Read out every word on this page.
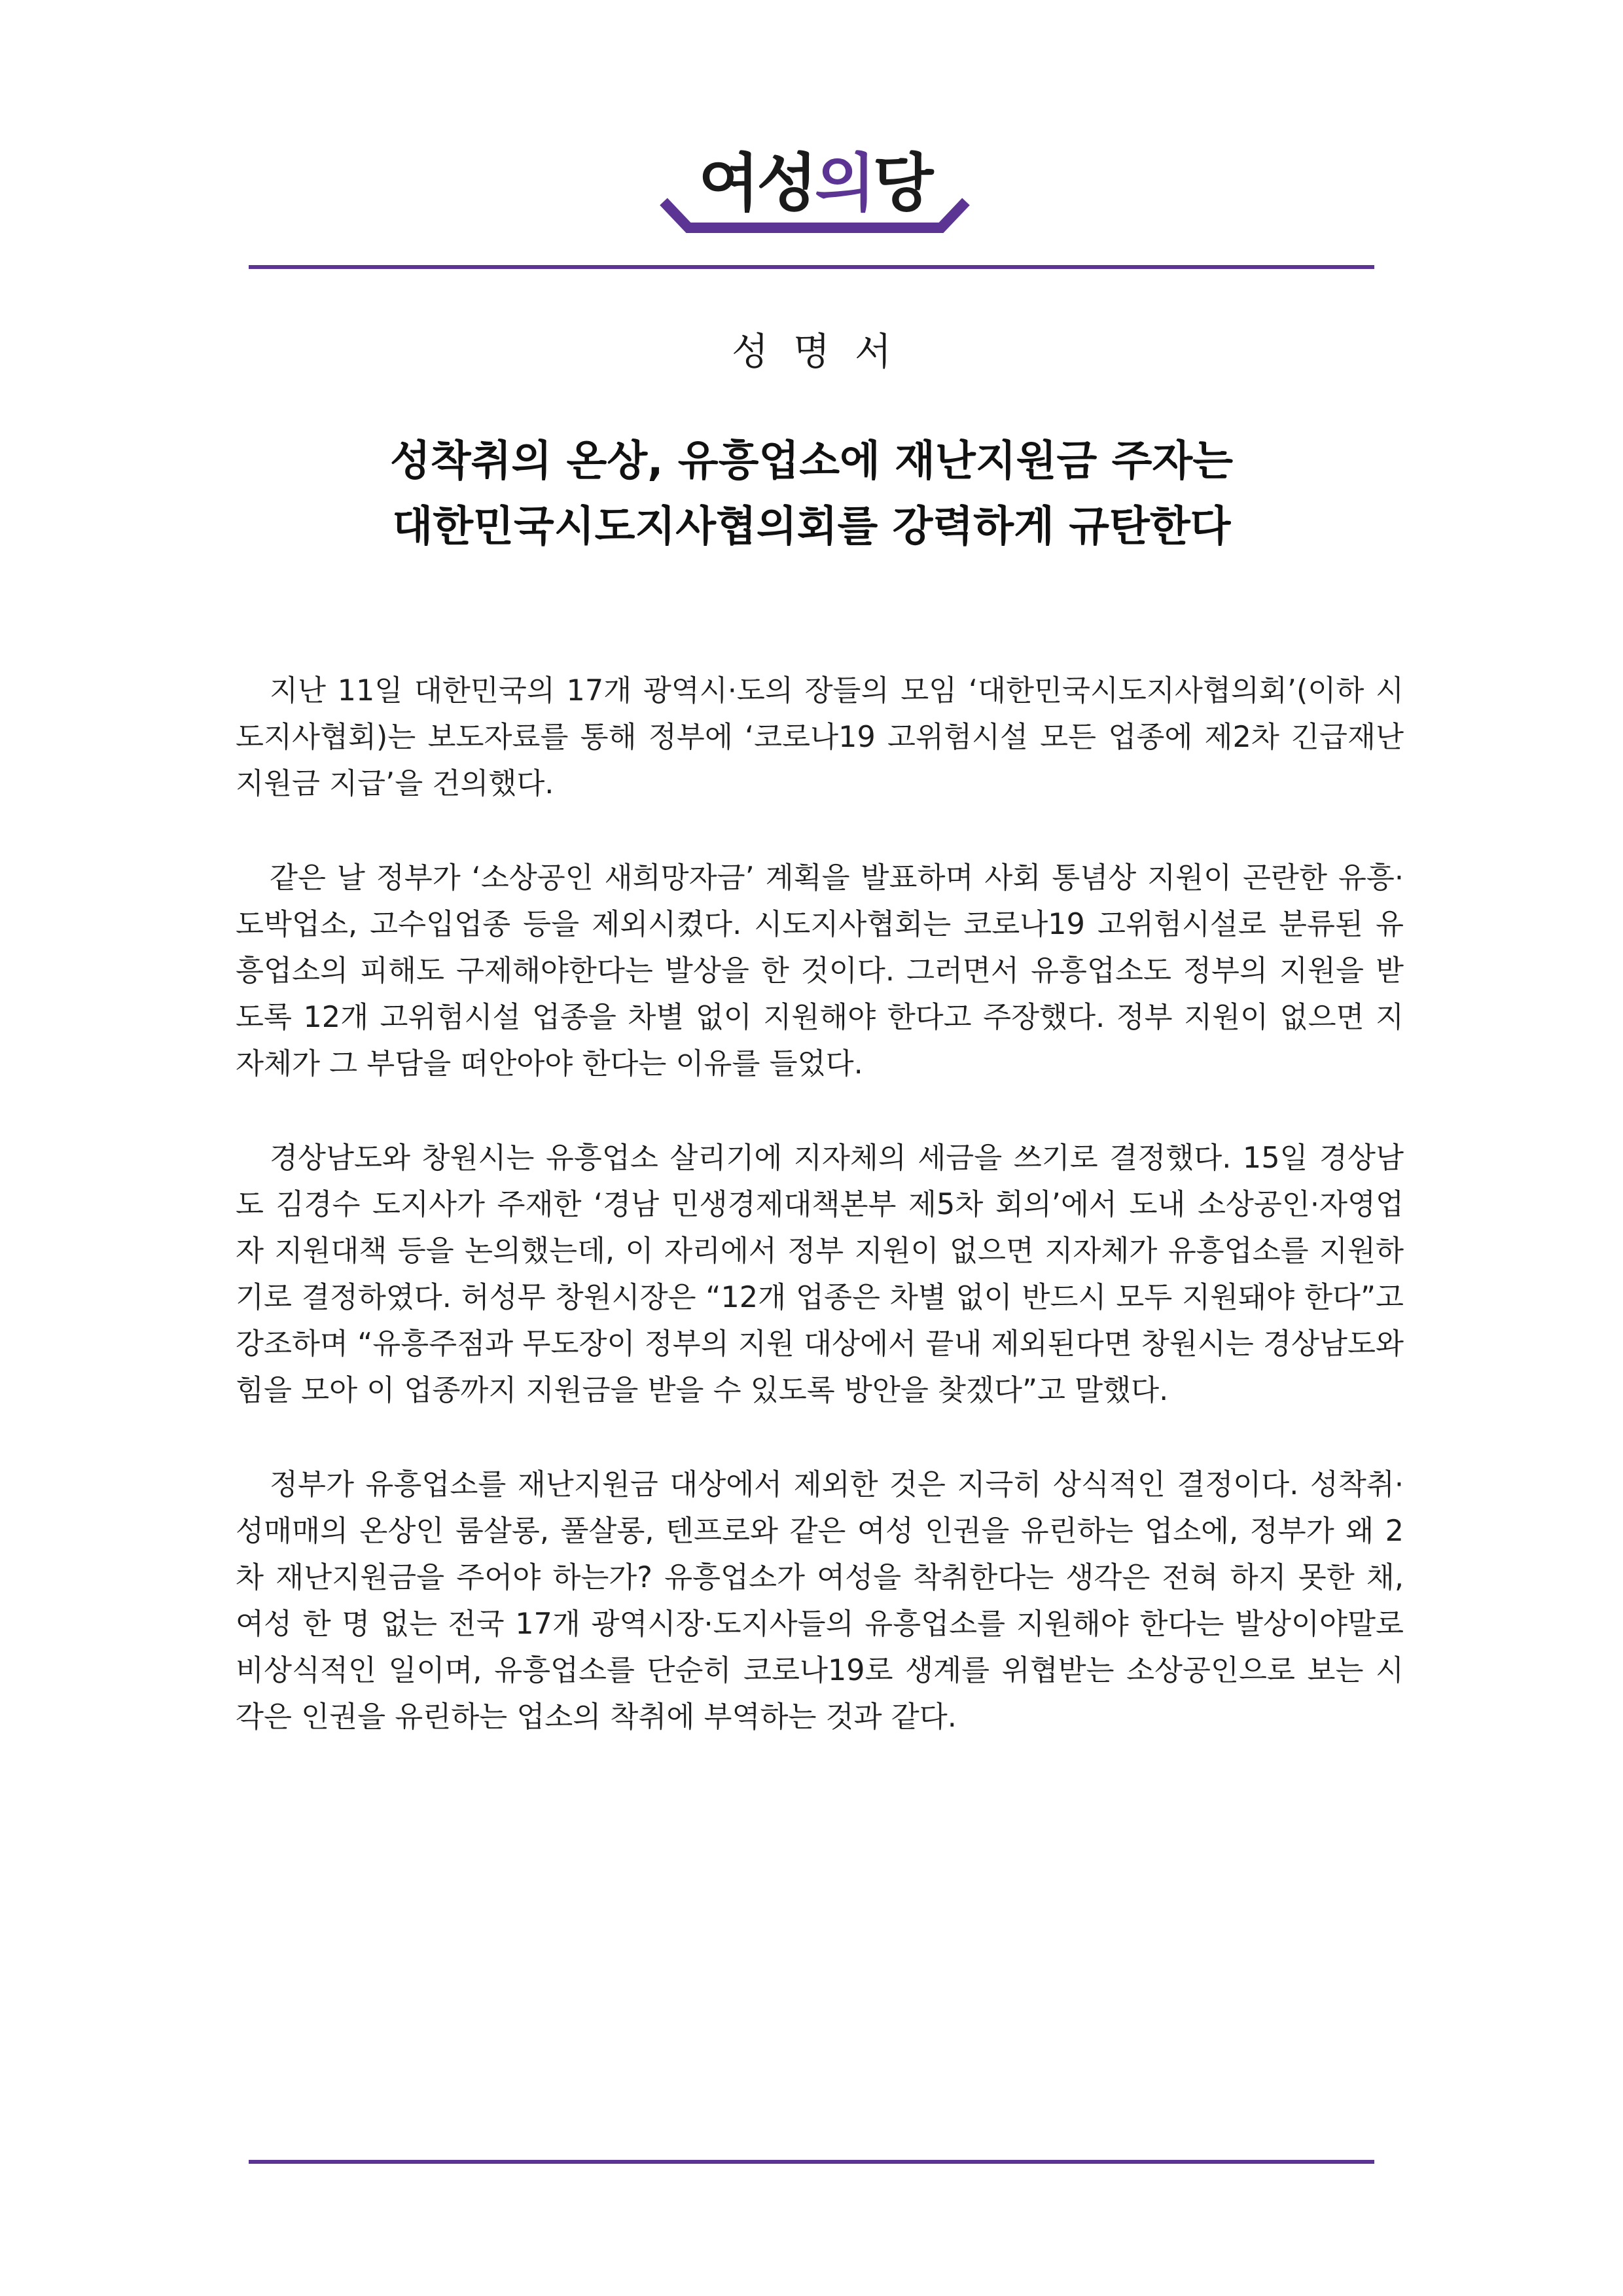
여성의당
성명서
성착취의 온상, 유흥업소에 재난지원금 주자는
대한민국시도지사협의회를 강력하게 규탄한다

지난 11일 대한민국의 17개 광역시·도의 장들의 모임 ‘대한민국시도지사협의회’(이하 시도지사협회)는 보도자료를 통해 정부에 ‘코로나19 고위험시설 모든 업종에 제2차 긴급재난지원금 지급’을 건의했다.

같은 날 정부가 ‘소상공인 새희망자금’ 계획을 발표하며 사회 통념상 지원이 곤란한 유흥·도박업소, 고수입업종 등을 제외시켰다. 시도지사협회는 코로나19 고위험시설로 분류된 유흥업소의 피해도 구제해야한다는 발상을 한 것이다. 그러면서 유흥업소도 정부의 지원을 받도록 12개 고위험시설 업종을 차별 없이 지원해야 한다고 주장했다. 정부 지원이 없으면 지자체가 그 부담을 떠안아야 한다는 이유를 들었다.

경상남도와 창원시는 유흥업소 살리기에 지자체의 세금을 쓰기로 결정했다. 15일 경상남도 김경수 도지사가 주재한 ‘경남 민생경제대책본부 제5차 회의’에서 도내 소상공인·자영업자 지원대책 등을 논의했는데, 이 자리에서 정부 지원이 없으면 지자체가 유흥업소를 지원하기로 결정하였다. 허성무 창원시장은 “12개 업종은 차별 없이 반드시 모두 지원돼야 한다”고 강조하며 “유흥주점과 무도장이 정부의 지원 대상에서 끝내 제외된다면 창원시는 경상남도와 힘을 모아 이 업종까지 지원금을 받을 수 있도록 방안을 찾겠다”고 말했다.

정부가 유흥업소를 재난지원금 대상에서 제외한 것은 지극히 상식적인 결정이다. 성착취·성매매의 온상인 룸살롱, 풀살롱, 텐프로와 같은 여성 인권을 유린하는 업소에, 정부가 왜 2차 재난지원금을 주어야 하는가? 유흥업소가 여성을 착취한다는 생각은 전혀 하지 못한 채, 여성 한 명 없는 전국 17개 광역시장·도지사들의 유흥업소를 지원해야 한다는 발상이야말로 비상식적인 일이며, 유흥업소를 단순히 코로나19로 생계를 위협받는 소상공인으로 보는 시각은 인권을 유린하는 업소의 착취에 부역하는 것과 같다.
